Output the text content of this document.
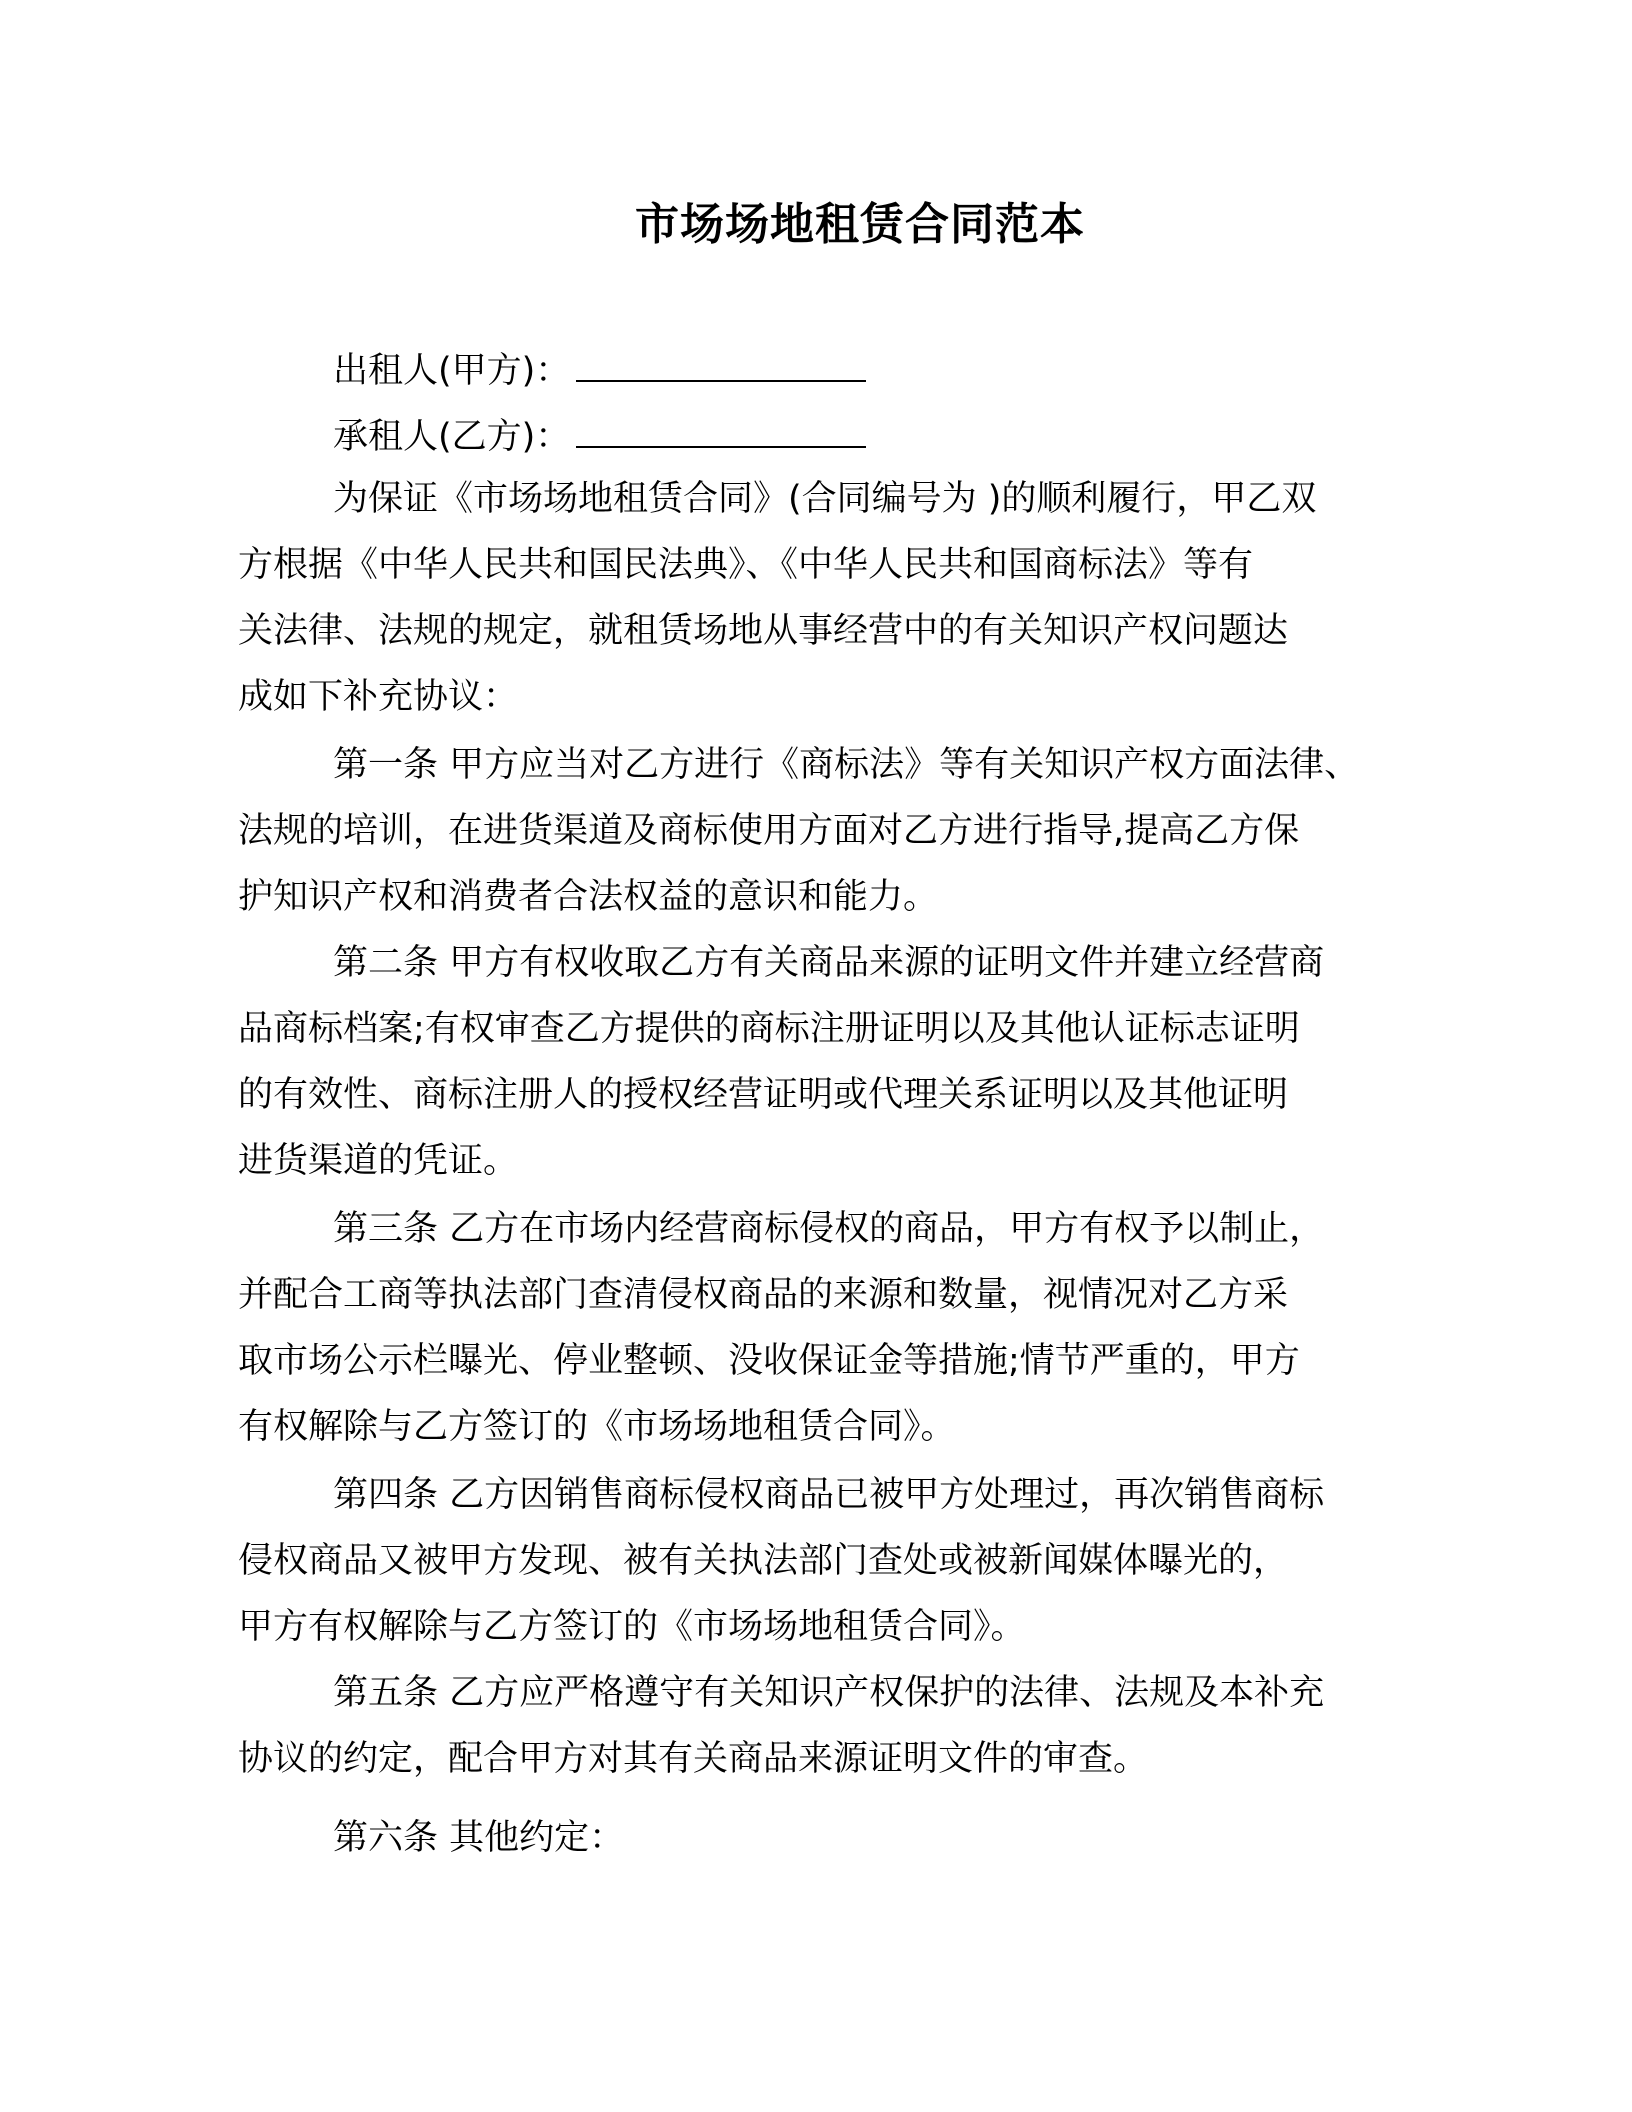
市场场地租赁合同范本
出租人(甲方)：
承租人(乙方)：
为保证《市场场地租赁合同》(合同编号为 )的顺利履行，甲乙双
方根据《中华人民共和国民法典》、《中华人民共和国商标法》等有
关法律、法规的规定，就租赁场地从事经营中的有关知识产权问题达
成如下补充协议：
第一条 甲方应当对乙方进行《商标法》等有关知识产权方面法律、
法规的培训，在进货渠道及商标使用方面对乙方进行指导,提高乙方保
护知识产权和消费者合法权益的意识和能力。
第二条 甲方有权收取乙方有关商品来源的证明文件并建立经营商
品商标档案;有权审查乙方提供的商标注册证明以及其他认证标志证明
的有效性、商标注册人的授权经营证明或代理关系证明以及其他证明
进货渠道的凭证。
第三条 乙方在市场内经营商标侵权的商品，甲方有权予以制止，
并配合工商等执法部门查清侵权商品的来源和数量，视情况对乙方采
取市场公示栏曝光、停业整顿、没收保证金等措施;情节严重的，甲方
有权解除与乙方签订的《市场场地租赁合同》。
第四条 乙方因销售商标侵权商品已被甲方处理过，再次销售商标
侵权商品又被甲方发现、被有关执法部门查处或被新闻媒体曝光的，
甲方有权解除与乙方签订的《市场场地租赁合同》。
第五条 乙方应严格遵守有关知识产权保护的法律、法规及本补充
协议的约定，配合甲方对其有关商品来源证明文件的审查。
第六条 其他约定：
